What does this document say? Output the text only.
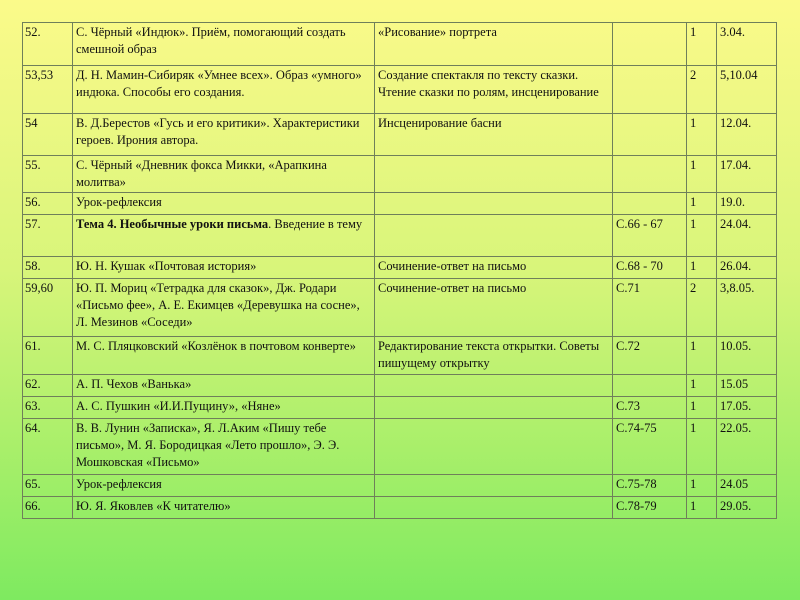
52.	С. Чёрный «Индюк». Приём, помогающий создать смешной образ	«Рисование» портрета		1	3.04.
53,53	Д. Н. Мамин-Сибиряк «Умнее всех». Образ «умного» индюка. Способы его создания.	Создание спектакля по тексту сказки. Чтение сказки по ролям, инсценирование		2	5,10.04
54	В. Д.Берестов «Гусь и его критики». Характеристики героев. Ирония автора.	Инсценирование басни		1	12.04.
55.	С. Чёрный «Дневник фокса Микки, «Арапкина молитва»			1	17.04.
56.	Урок-рефлексия			1	19.0.
57.	Тема 4. Необычные уроки письма. Введение в тему		С.66 - 67	1	24.04.
58.	Ю. Н. Кушак «Почтовая история»	Сочинение-ответ на письмо	С.68 - 70	1	26.04.
59,60	Ю. П. Мориц «Тетрадка для сказок», Дж. Родари «Письмо фее», А. Е. Екимцев «Деревушка на сосне», Л. Мезинов «Соседи»	Сочинение-ответ на письмо	С.71	2	3,8.05.
61.	М. С. Пляцковский «Козлёнок в почтовом конверте»	Редактирование текста открытки. Советы пишущему открытку	С.72	1	10.05.
62.	А. П. Чехов «Ванька»			1	15.05
63.	А. С. Пушкин «И.И.Пущину», «Няне»		С.73	1	17.05.
64.	В. В. Лунин «Записка», Я. Л.Аким «Пишу тебе письмо», М. Я. Бородицкая «Лето прошло», Э. Э. Мошковская «Письмо»		С.74-75	1	22.05.
65.	Урок-рефлексия		С.75-78	1	24.05
66.	Ю. Я. Яковлев «К читателю»		С.78-79	1	29.05.
